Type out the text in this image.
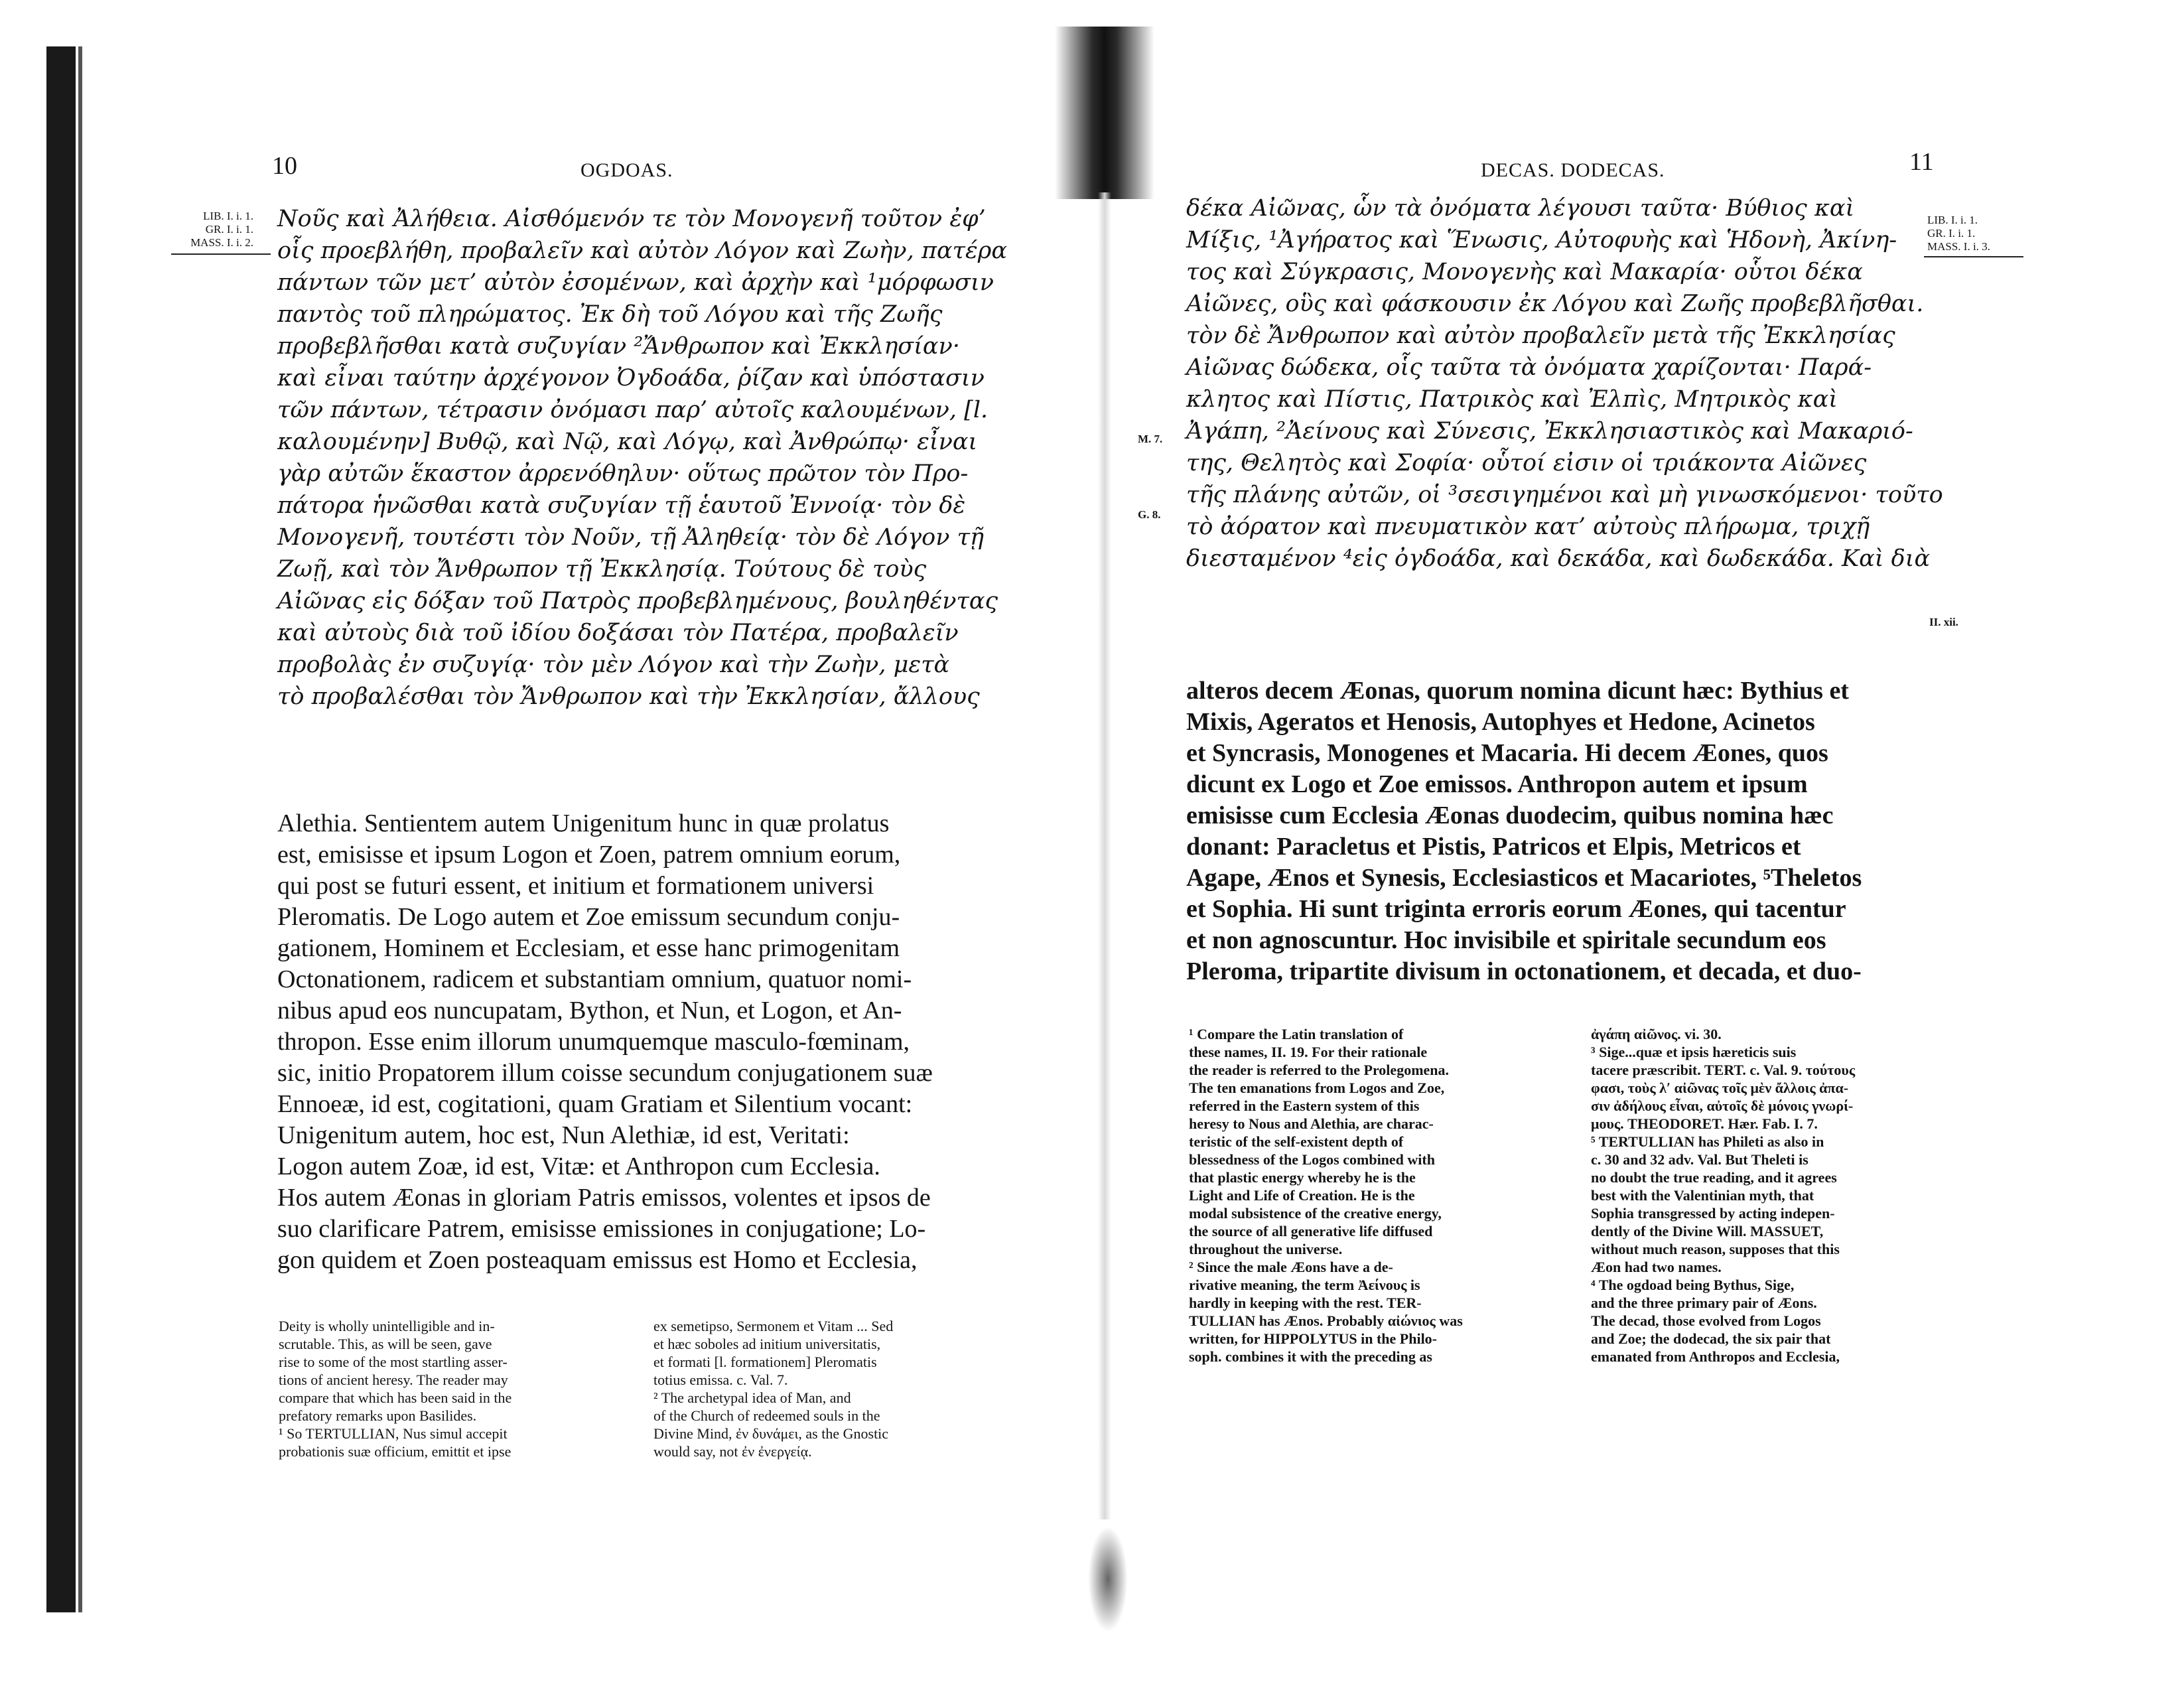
10	OGDOAS.
LIB. I. i. 1.
GR. I. i. 1.
MASS. I. i. 2.
Νοῦς καὶ Ἀλήθεια. Αἰσθόμενόν τε τὸν Μονογενῆ τοῦτον ἐφ’
οἷς προεβλήθη, προβαλεῖν καὶ αὐτὸν Λόγον καὶ Ζωὴν, πατέρα
πάντων τῶν μετ’ αὐτὸν ἐσομένων, καὶ ἀρχὴν καὶ ¹μόρφωσιν
παντὸς τοῦ πληρώματος. Ἐκ δὴ τοῦ Λόγου καὶ τῆς Ζωῆς
προβεβλῆσθαι κατὰ συζυγίαν ²Ἄνθρωπον καὶ Ἐκκλησίαν·
καὶ εἶναι ταύτην ἀρχέγονον Ὀγδοάδα, ῥίζαν καὶ ὑπόστασιν
τῶν πάντων, τέτρασιν ὀνόμασι παρ’ αὐτοῖς καλουμένων, [l.
καλουμένην] Βυθῷ, καὶ Νῷ, καὶ Λόγῳ, καὶ Ἀνθρώπῳ· εἶναι
γὰρ αὐτῶν ἕκαστον ἀρρενόθηλυν· οὕτως πρῶτον τὸν Προ-
πάτορα ἡνῶσθαι κατὰ συζυγίαν τῇ ἑαυτοῦ Ἐννοίᾳ· τὸν δὲ
Μονογενῆ, τουτέστι τὸν Νοῦν, τῇ Ἀληθείᾳ· τὸν δὲ Λόγον τῇ
Ζωῇ, καὶ τὸν Ἄνθρωπον τῇ Ἐκκλησίᾳ. Τούτους δὲ τοὺς
Αἰῶνας εἰς δόξαν τοῦ Πατρὸς προβεβλημένους, βουληθέντας
καὶ αὐτοὺς διὰ τοῦ ἰδίου δοξάσαι τὸν Πατέρα, προβαλεῖν
προβολὰς ἐν συζυγίᾳ· τὸν μὲν Λόγον καὶ τὴν Ζωὴν, μετὰ
τὸ προβαλέσθαι τὸν Ἄνθρωπον καὶ τὴν Ἐκκλησίαν, ἄλλους
Alethia. Sentientem autem Unigenitum hunc in quæ prolatus
est, emisisse et ipsum Logon et Zoen, patrem omnium eorum,
qui post se futuri essent, et initium et formationem universi
Pleromatis. De Logo autem et Zoe emissum secundum conju-
gationem, Hominem et Ecclesiam, et esse hanc primogenitam
Octonationem, radicem et substantiam omnium, quatuor nomi-
nibus apud eos nuncupatam, Bython, et Nun, et Logon, et An-
thropon. Esse enim illorum unumquemque masculo-fœminam,
sic, initio Propatorem illum coisse secundum conjugationem suæ
Ennoeæ, id est, cogitationi, quam Gratiam et Silentium vocant:
Unigenitum autem, hoc est, Nun Alethiæ, id est, Veritati:
Logon autem Zoæ, id est, Vitæ: et Anthropon cum Ecclesia.
Hos autem Æonas in gloriam Patris emissos, volentes et ipsos de
suo clarificare Patrem, emisisse emissiones in conjugatione; Lo-
gon quidem et Zoen posteaquam emissus est Homo et Ecclesia,
Deity is wholly unintelligible and in-
scrutable. This, as will be seen, gave
rise to some of the most startling asser-
tions of ancient heresy. The reader may
compare that which has been said in the
prefatory remarks upon Basilides.
¹ So TERTULLIAN, Nus simul accepit
probationis suæ officium, emittit et ipse
ex semetipso, Sermonem et Vitam ... Sed
et hæc soboles ad initium universitatis,
et formati [l. formationem] Pleromatis
totius emissa. c. Val. 7.
² The archetypal idea of Man, and
of the Church of redeemed souls in the
Divine Mind, ἐν δυνάμει, as the Gnostic
would say, not ἐν ἐνεργείᾳ.
DECAS. DODECAS.	11
LIB. I. i. 1.
GR. I. i. 1.
MASS. I. i. 3.
M. 7.
G. 8.
II. xii.
δέκα Αἰῶνας, ὧν τὰ ὀνόματα λέγουσι ταῦτα· Βύθιος καὶ
Μίξις, ¹Ἀγήρατος καὶ Ἕνωσις, Αὐτοφυὴς καὶ Ἡδονὴ, Ἀκίνη-
τος καὶ Σύγκρασις, Μονογενὴς καὶ Μακαρία· οὗτοι δέκα
Αἰῶνες, οὓς καὶ φάσκουσιν ἐκ Λόγου καὶ Ζωῆς προβεβλῆσθαι.
τὸν δὲ Ἄνθρωπον καὶ αὐτὸν προβαλεῖν μετὰ τῆς Ἐκκλησίας
Αἰῶνας δώδεκα, οἷς ταῦτα τὰ ὀνόματα χαρίζονται· Παρά-
κλητος καὶ Πίστις, Πατρικὸς καὶ Ἐλπὶς, Μητρικὸς καὶ
Ἀγάπη, ²Ἀείνους καὶ Σύνεσις, Ἐκκλησιαστικὸς καὶ Μακαριό-
της, Θελητὸς καὶ Σοφία· οὗτοί εἰσιν οἱ τριάκοντα Αἰῶνες
τῆς πλάνης αὐτῶν, οἱ ³σεσιγημένοι καὶ μὴ γινωσκόμενοι· τοῦτο
τὸ ἀόρατον καὶ πνευματικὸν κατ’ αὐτοὺς πλήρωμα, τριχῇ
διεσταμένον ⁴εἰς ὀγδοάδα, καὶ δεκάδα, καὶ δωδεκάδα. Καὶ διὰ
alteros decem Æonas, quorum nomina dicunt hæc: Bythius et
Mixis, Ageratos et Henosis, Autophyes et Hedone, Acinetos
et Syncrasis, Monogenes et Macaria. Hi decem Æones, quos
dicunt ex Logo et Zoe emissos. Anthropon autem et ipsum
emisisse cum Ecclesia Æonas duodecim, quibus nomina hæc
donant: Paracletus et Pistis, Patricos et Elpis, Metricos et
Agape, Ænos et Synesis, Ecclesiasticos et Macariotes, ⁵Theletos
et Sophia. Hi sunt triginta erroris eorum Æones, qui tacentur
et non agnoscuntur. Hoc invisibile et spiritale secundum eos
Pleroma, tripartite divisum in octonationem, et decada, et duo-
¹ Compare the Latin translation of
these names, II. 19. For their rationale
the reader is referred to the Prolegomena.
The ten emanations from Logos and Zoe,
referred in the Eastern system of this
heresy to Nous and Alethia, are charac-
teristic of the self-existent depth of
blessedness of the Logos combined with
that plastic energy whereby he is the
Light and Life of Creation. He is the
modal subsistence of the creative energy,
the source of all generative life diffused
throughout the universe.
² Since the male Æons have a de-
rivative meaning, the term Ἀείνους is
hardly in keeping with the rest. TER-
TULLIAN has Ænos. Probably αἰώνιος was
written, for HIPPOLYTUS in the Philo-
soph. combines it with the preceding as
ἀγάπη αἰῶνος. vi. 30.
³ Sige...quæ et ipsis hæreticis suis
tacere præscribit. TERT. c. Val. 9. τούτους
φασι, τοὺς λʹ αἰῶνας τοῖς μὲν ἄλλοις ἀπα-
σιν ἀδήλους εἶναι, αὐτοῖς δὲ μόνοις γνωρί-
μους. THEODORET. Hær. Fab. I. 7.
⁵ TERTULLIAN has Phileti as also in
c. 30 and 32 adv. Val. But Theleti is
no doubt the true reading, and it agrees
best with the Valentinian myth, that
Sophia transgressed by acting indepen-
dently of the Divine Will. MASSUET,
without much reason, supposes that this
Æon had two names.
⁴ The ogdoad being Bythus, Sige,
and the three primary pair of Æons.
The decad, those evolved from Logos
and Zoe; the dodecad, the six pair that
emanated from Anthropos and Ecclesia,
